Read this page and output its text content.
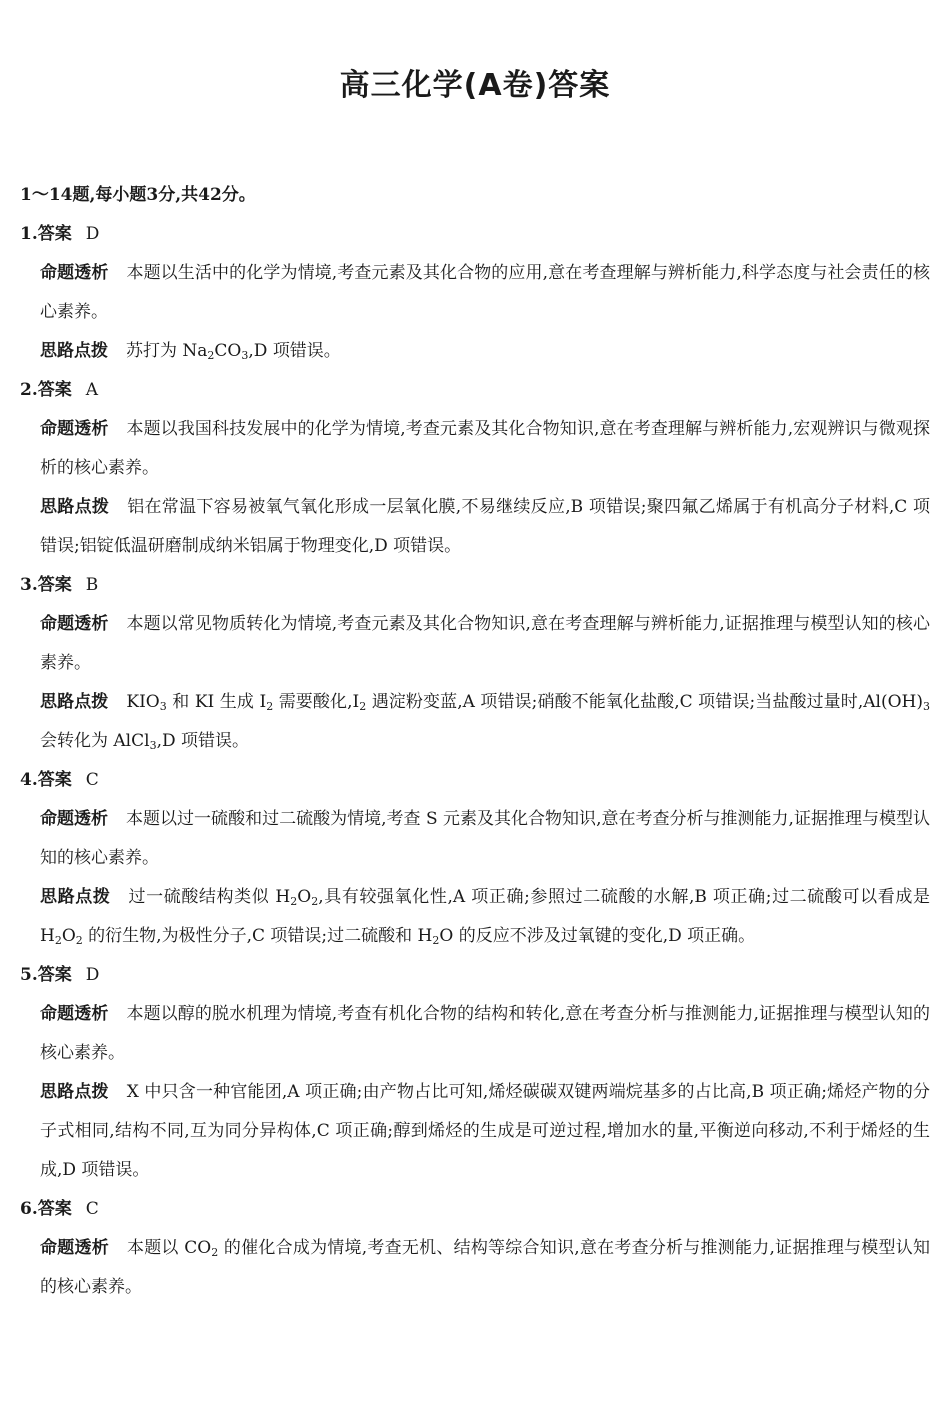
高三化学(A卷)答案
1～14题,每小题3分,共42分。
1.答案 D
命题透析 本题以生活中的化学为情境,考查元素及其化合物的应用,意在考查理解与辨析能力,科学态度与社会责任的核心素养。
思路点拨 苏打为 $Na_2CO_3,D$ 项错误。
2.答案 A
命题透析 本题以我国科技发展中的化学为情境,考查元素及其化合物知识,意在考查理解与辨析能力,宏观辨识与微观探析的核心素养。
思路点拨 铝在常温下容易被氧气氧化形成一层氧化膜,不易继续反应,B 项错误;聚四氟乙烯属于有机高分子材料,C 项错误;铝锭低温研磨制成纳米铝属于物理变化,D 项错误。
3.答案 B
命题透析 本题以常见物质转化为情境,考查元素及其化合物知识,意在考查理解与辨析能力,证据推理与模型认知的核心素养。
思路点拨 $KIO_3$ 和 KI 生成 $I_2$ 需要酸化$,I_2$ 遇淀粉变蓝,A 项错误;硝酸不能氧化盐酸,C 项错误;当盐酸过量时$,Al(OH)_3$ 会转化为 AlCl$_3$,D 项错误。
4.答案 C
命题透析 本题以过一硫酸和过二硫酸为情境,考查 S 元素及其化合物知识,意在考查分析与推测能力,证据推理与模型认知的核心素养。
思路点拨 过一硫酸结构类似 $H_2O_2$,具有较强氧化性,A 项正确;参照过二硫酸的水解,B 项正确;过二硫酸可以看成是 $H_2O_2$ 的衍生物,为极性分子,C 项错误;过二硫酸和 $H_2O$ 的反应不涉及过氧键的变化,D 项正确。
5.答案 D
命题透析 本题以醇的脱水机理为情境,考查有机化合物的结构和转化,意在考查分析与推测能力,证据推理与模型认知的核心素养。
思路点拨 X 中只含一种官能团,A 项正确;由产物占比可知,烯烃碳碳双键两端烷基多的占比高,B 项正确;烯烃产物的分子式相同,结构不同,互为同分异构体,C 项正确;醇到烯烃的生成是可逆过程,增加水的量,平衡逆向移动,不利于烯烃的生成,D 项错误。
6.答案 C
命题透析 本题以 $CO_2$ 的催化合成为情境,考查无机、结构等综合知识,意在考查分析与推测能力,证据推理与模型认知的核心素养。
